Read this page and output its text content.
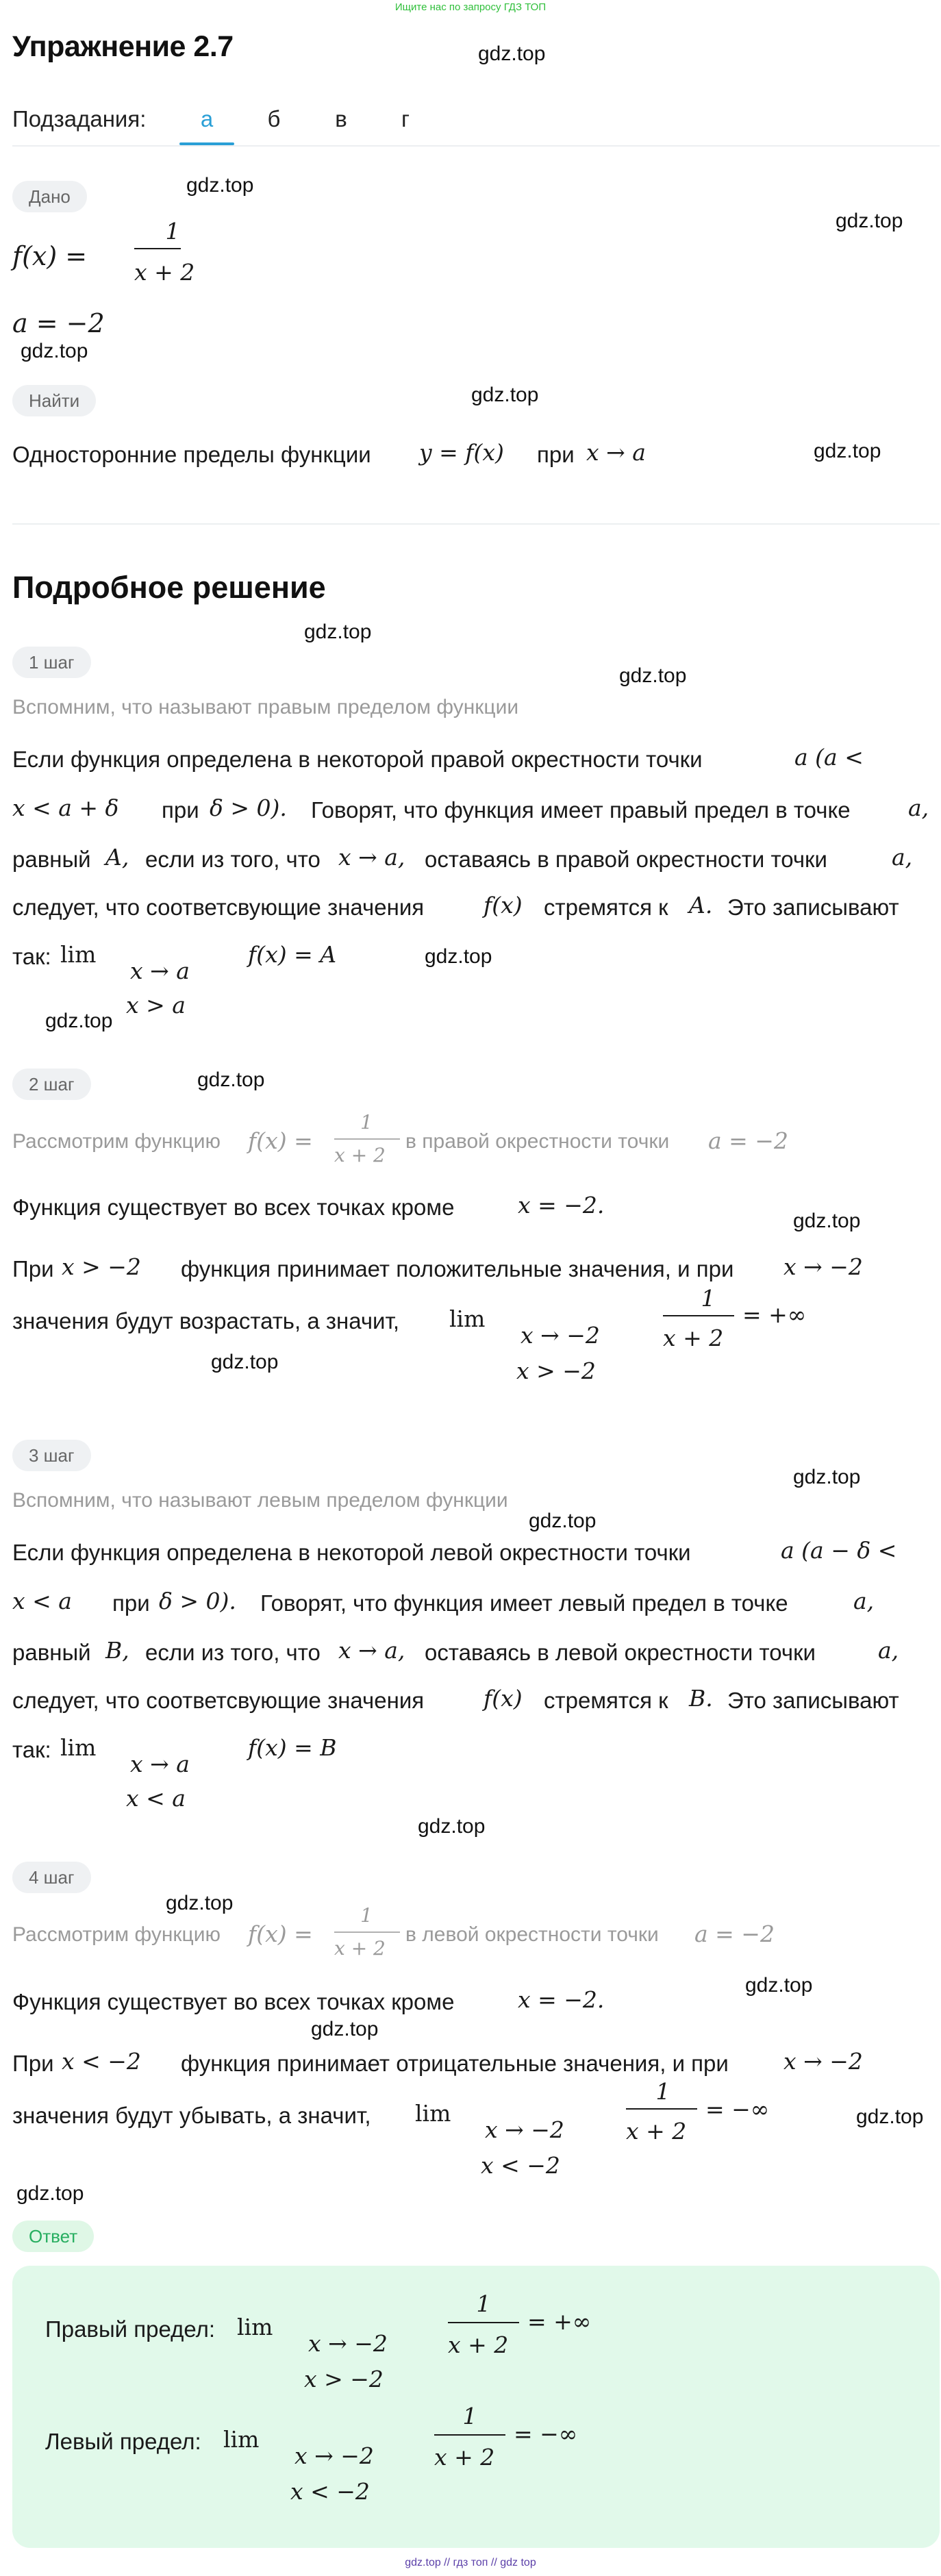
Ищите нас по запросу ГДЗ ТОП
Упражнение 2.7	gdz.top
gdz.top
gdz.top
gdz.top
gdz.top
gdz.top
gdz.top
gdz.top
gdz.top
gdz.top
gdz.top
gdz.top
gdz.top
gdz.top
gdz.top
gdz.top
gdz.top
gdz.top
gdz.top
gdz.top
gdz.top
Подзадания:	а	б	в	г
Дано
f(x) =
1
x + 2
a = −2
Найти
Односторонние пределы функции y = f(x) при x → a
Подробное решение
1 шаг
Вспомним, что называют правым пределом функции
Если функция определена в некоторой правой окрестности точки	a (a <
x < a + δ при δ > 0). Говорят, что функция имеет правый предел в точке	a,
равный A, если из того, что x → a, оставаясь в правой окрестности точки	a,
следует, что соответсвующие значения	f(x) стремятся к A. Это записывают
так: lim
x → a
x > a
f(x) = A
2 шаг
Рассмотрим функцию f(x) =
1
x + 2
в правой окрестности точки a = −2
Функция существует во всех точках кроме	x = −2.
При x > −2 функция принимает положительные значения, и при x → −2
значения будут возрастать, а значит, lim
x → −2
x > −2
1
x + 2
= +∞
3 шаг
Вспомним, что называют левым пределом функции
Если функция определена в некоторой левой окрестности точки	a (a − δ <
x < a при δ > 0). Говорят, что функция имеет левый предел в точке	a,
равный B, если из того, что x → a, оставаясь в левой окрестности точки	a,
следует, что соответсвующие значения	f(x) стремятся к B. Это записывают
так: lim
x → a
x < a
f(x) = B
4 шаг
Рассмотрим функцию f(x) =
1
x + 2
в левой окрестности точки a = −2
Функция существует во всех точках кроме	x = −2.
При x < −2 функция принимает отрицательные значения, и при x → −2
значения будут убывать, а значит, lim
x → −2
x < −2
1
x + 2
= −∞
Ответ
Правый предел: lim
x → −2
x > −2
1
x + 2
= +∞
Левый предел: lim
x → −2
x < −2
1
x + 2
= −∞
gdz.top // гдз топ // gdz top
